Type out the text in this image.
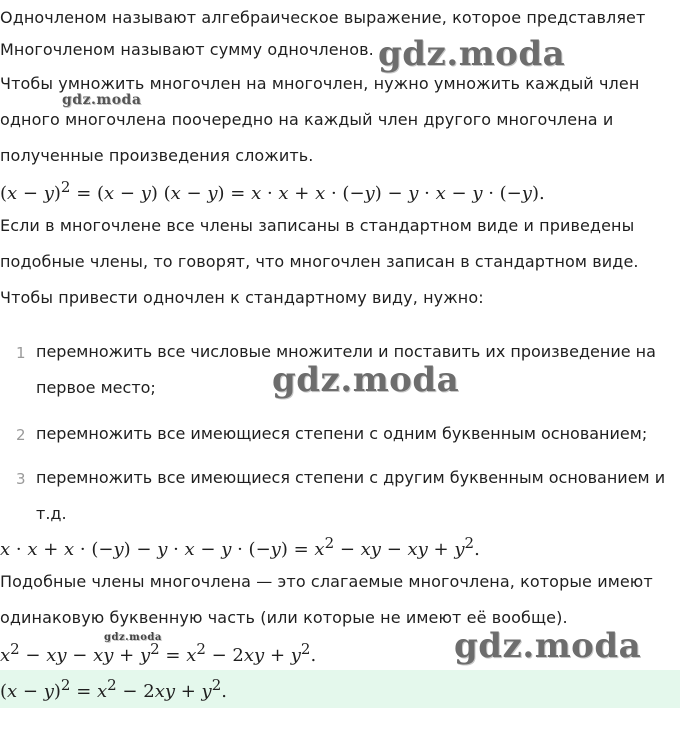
Одночленом называют алгебраическое выражение, которое представляет
Многочленом называют сумму одночленов.
Чтобы умножить многочлен на многочлен, нужно умножить каждый член
одного многочлена поочередно на каждый член другого многочлена и
полученные произведения сложить.
$(x - y)^2 = (x - y)$ (x − y) = x · x + x · (−y) − y · x − y · (−y).
Если в многочлене все члены записаны в стандартном виде и приведены
подобные члены, то говорят, что многочлен записан в стандартном виде.
Чтобы привести одночлен к стандартному виду, нужно:
1 перемножить все числовые множители и поставить их произведение на
первое место;
2 перемножить все имеющиеся степени с одним буквенным основанием;
3 перемножить все имеющиеся степени с другим буквенным основанием и
т.д.
$x \cdot x + x \cdot (-y) - y \cdot x - y \cdot (-y) = x^2$ − xy − xy + $y^2$.
Подобные члены многочлена — это слагаемые многочлена, которые имеют
одинаковую буквенную часть (или которые не имеют её вообще).
$x^2$ − xy − xy + $y^2 = x^2 - 2xy + y^2$.
$(x - y)^2 = x^2 - 2xy + y^2$.
gdz.moda
gdz.moda
gdz.moda
gdz.moda	gdz.moda
